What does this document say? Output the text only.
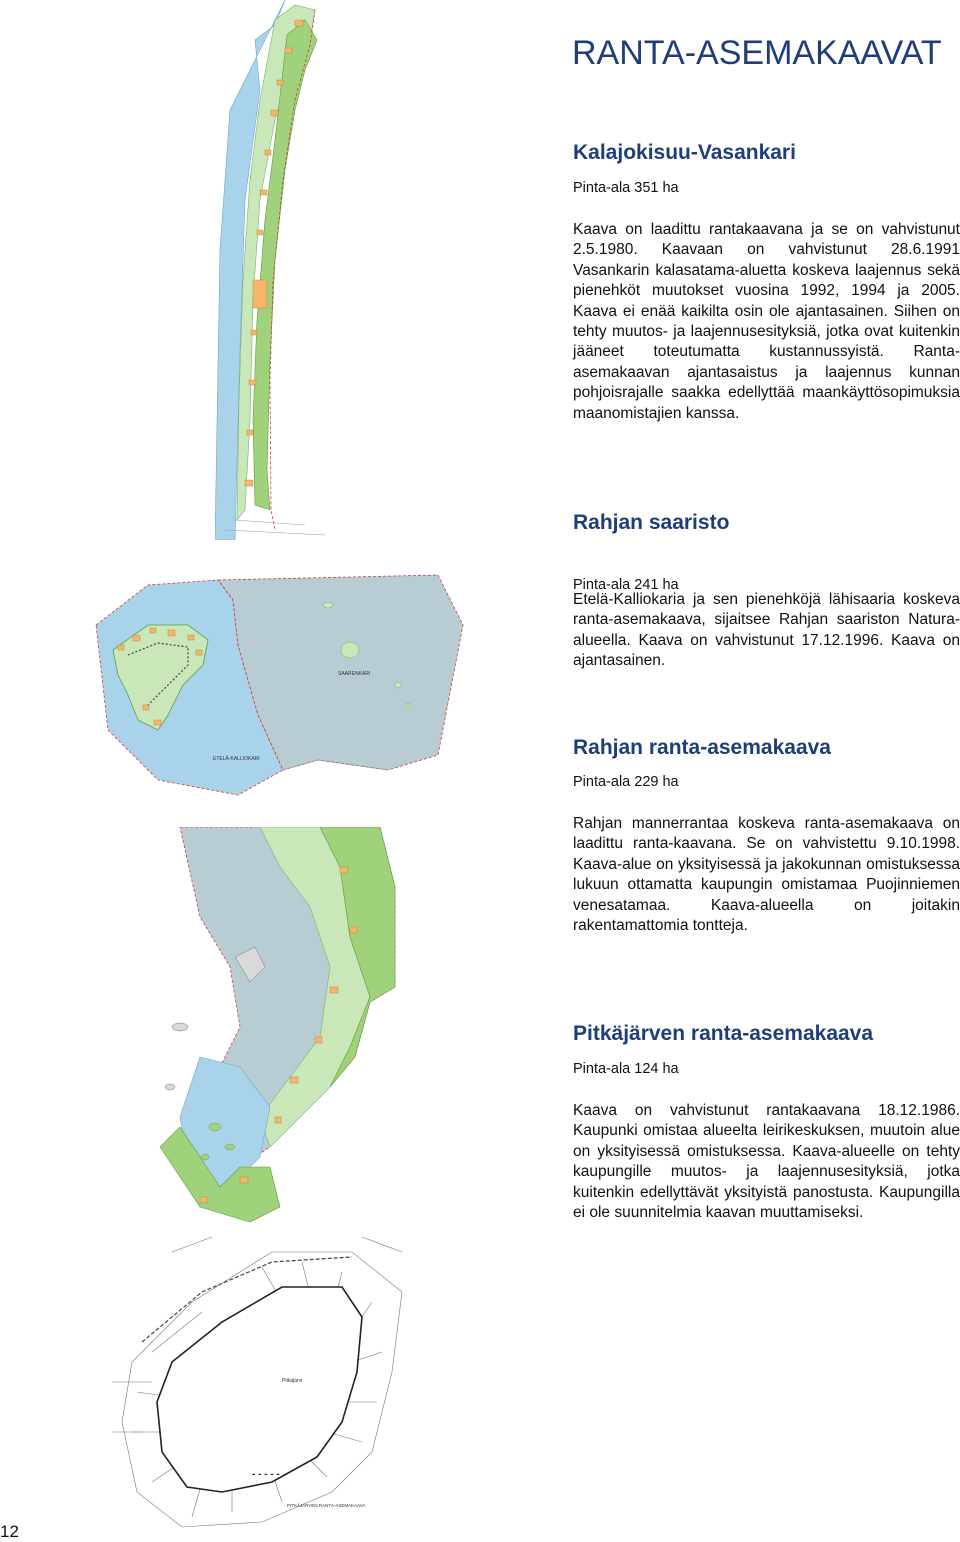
RANTA-ASEMAKAAVAT
Kalajokisuu-Vasankari
Pinta-ala 351 ha
Kaava on laadittu rantakaavana ja se on vahvistunut 2.5.1980. Kaavaan on vahvistunut 28.6.1991 Vasankarin kalasatama-aluetta koskeva laajennus sekä pienehköt muutokset vuosina 1992, 1994 ja 2005. Kaava ei enää kaikilta osin ole ajantasainen. Siihen on tehty muutos- ja laajennusesityksiä, jotka ovat kuitenkin jääneet toteutumatta kustannussyistä. Ranta-asemakaavan ajantasaistus ja laajennus kunnan pohjoisrajalle saakka edellyttää maankäyttösopimuksia maanomistajien kanssa.
Rahjan saaristo
Pinta-ala 241 ha
Etelä-Kalliokaria ja sen pienehköjä lähisaaria koskeva ranta-asemakaava, sijaitsee Rahjan saariston Natura-alueella. Kaava on vahvistunut 17.12.1996. Kaava on ajantasainen.
Rahjan ranta-asemakaava
Pinta-ala 229 ha
Rahjan mannerrantaa koskeva ranta-asemakaava on laadittu ranta-kaavana. Se on vahvistettu 9.10.1998. Kaava-alue on yksityisessä ja jakokunnan omistuksessa lukuun ottamatta kaupungin omistamaa Puojinniemen venesatamaa. Kaava-alueella on joitakin rakentamattomia tontteja.
Pitkäjärven ranta-asemakaava
Pinta-ala 124 ha
Kaava on vahvistunut rantakaavana 18.12.1986. Kaupunki omistaa alueelta leirikeskuksen, muutoin alue on yksityisessä omistuksessa. Kaava-alueelle on tehty kaupungille muutos- ja laajennusesityksiä, jotka kuitenkin edellyttävät yksityistä panostusta. Kaupungilla ei ole suunnitelmia kaavan muuttamiseksi.
12
SAARENKARI
ETELÄ-KALLIOKARI
Pitkäjärvi
PITKÄJÄRVEN RANTA-ASEMAKAAVA
- - - - -
